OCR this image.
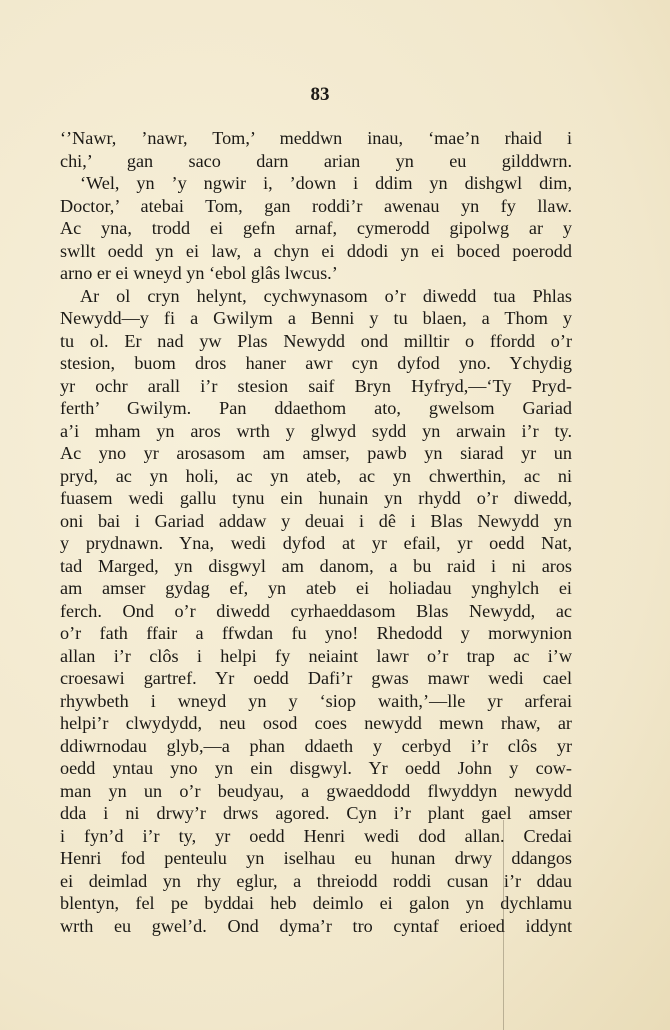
83
‘’Nawr, ’nawr, Tom,’ meddwn inau, ‘mae’n rhaid i
chi,’ gan saco darn arian yn eu gilddwrn.
‘Wel, yn ’y ngwir i, ’down i ddim yn dishgwl dim,
Doctor,’ atebai Tom, gan roddi’r awenau yn fy llaw.
Ac yna, trodd ei gefn arnaf, cymerodd gipolwg ar y
swllt oedd yn ei law, a chyn ei ddodi yn ei boced poerodd
arno er ei wneyd yn ‘ebol glâs lwcus.’
Ar ol cryn helynt, cychwynasom o’r diwedd tua Phlas
Newydd—y fi a Gwilym a Benni y tu blaen, a Thom y
tu ol. Er nad yw Plas Newydd ond milltir o ffordd o’r
stesion, buom dros haner awr cyn dyfod yno. Ychydig
yr ochr arall i’r stesion saif Bryn Hyfryd,—‘Ty Pryd-
ferth’ Gwilym. Pan ddaethom ato, gwelsom Gariad
a’i mham yn aros wrth y glwyd sydd yn arwain i’r ty.
Ac yno yr arosasom am amser, pawb yn siarad yr un
pryd, ac yn holi, ac yn ateb, ac yn chwerthin, ac ni
fuasem wedi gallu tynu ein hunain yn rhydd o’r diwedd,
oni bai i Gariad addaw y deuai i dê i Blas Newydd yn
y prydnawn. Yna, wedi dyfod at yr efail, yr oedd Nat,
tad Marged, yn disgwyl am danom, a bu raid i ni aros
am amser gydag ef, yn ateb ei holiadau ynghylch ei
ferch. Ond o’r diwedd cyrhaeddasom Blas Newydd, ac
o’r fath ffair a ffwdan fu yno! Rhedodd y morwynion
allan i’r clôs i helpi fy neiaint lawr o’r trap ac i’w
croesawi gartref. Yr oedd Dafi’r gwas mawr wedi cael
rhywbeth i wneyd yn y ‘siop waith,’—lle yr arferai
helpi’r clwydydd, neu osod coes newydd mewn rhaw, ar
ddiwrnodau glyb,—a phan ddaeth y cerbyd i’r clôs yr
oedd yntau yno yn ein disgwyl. Yr oedd John y cow-
man yn un o’r beudyau, a gwaeddodd flwyddyn newydd
dda i ni drwy’r drws agored. Cyn i’r plant gael amser
i fyn’d i’r ty, yr oedd Henri wedi dod allan. Credai
Henri fod penteulu yn iselhau eu hunan drwy ddangos
ei deimlad yn rhy eglur, a threiodd roddi cusan i’r ddau
blentyn, fel pe byddai heb deimlo ei galon yn dychlamu
wrth eu gwel’d. Ond dyma’r tro cyntaf erioed iddynt
